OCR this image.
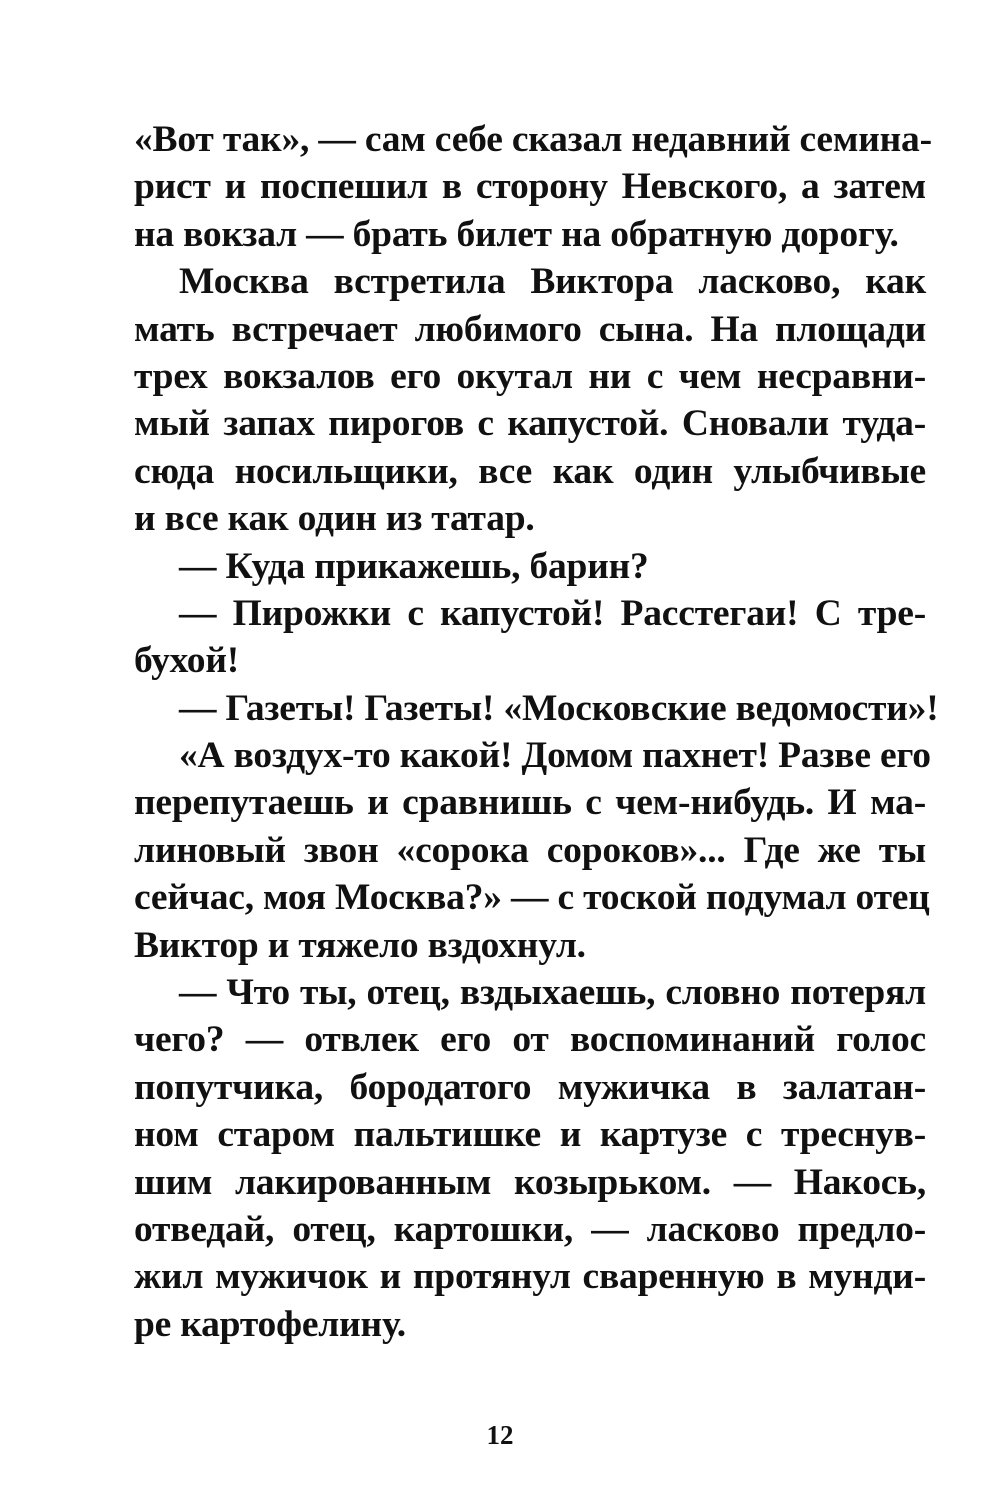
«Вот так», — сам себе сказал недавний семина-
рист и поспешил в сторону Невского, а затем
на вокзал — брать билет на обратную дорогу.
Москва встретила Виктора ласково, как
мать встречает любимого сына. На площади
трех вокзалов его окутал ни с чем несравни-
мый запах пирогов с капустой. Сновали туда-
сюда носильщики, все как один улыбчивые
и все как один из татар.
— Куда прикажешь, барин?
— Пирожки с капустой! Расстегаи! С тре-
бухой!
— Газеты! Газеты! «Московские ведомости»!
«А воздух-то какой! Домом пахнет! Разве его
перепутаешь и сравнишь с чем-нибудь. И ма-
линовый звон «сорока сороков»... Где же ты
сейчас, моя Москва?» — с тоской подумал отец
Виктор и тяжело вздохнул.
— Что ты, отец, вздыхаешь, словно потерял
чего? — отвлек его от воспоминаний голос
попутчика, бородатого мужичка в залатан-
ном старом пальтишке и картузе с треснув-
шим лакированным козырьком. — Накось,
отведай, отец, картошки, — ласково предло-
жил мужичок и протянул сваренную в мунди-
ре картофелину.
12
